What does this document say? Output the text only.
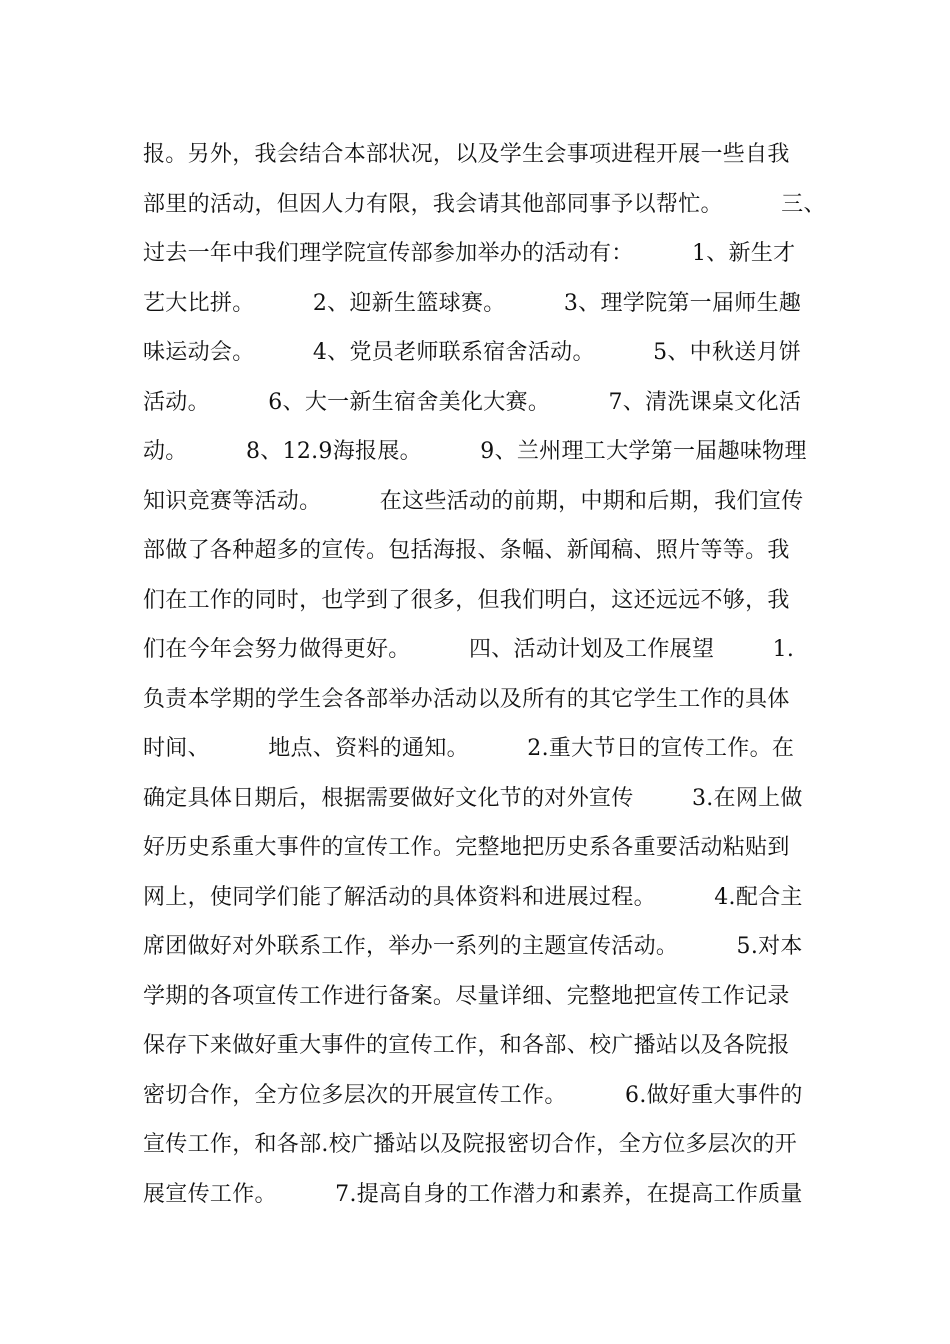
报。另外，我会结合本部状况，以及学生会事项进程开展一些自我
部里的活动，但因人力有限，我会请其他部同事予以帮忙。        三、
过去一年中我们理学院宣传部参加举办的活动有：        1、新生才
艺大比拼。        2、迎新生篮球赛。        3、理学院第一届师生趣
味运动会。        4、党员老师联系宿舍活动。        5、中秋送月饼
活动。        6、大一新生宿舍美化大赛。        7、清洗课桌文化活
动。        8、12.9海报展。        9、兰州理工大学第一届趣味物理
知识竞赛等活动。        在这些活动的前期，中期和后期，我们宣传
部做了各种超多的宣传。包括海报、条幅、新闻稿、照片等等。我
们在工作的同时，也学到了很多，但我们明白，这还远远不够，我
们在今年会努力做得更好。        四、活动计划及工作展望        1.
负责本学期的学生会各部举办活动以及所有的其它学生工作的具体
时间、        地点、资料的通知。        2.重大节日的宣传工作。在
确定具体日期后，根据需要做好文化节的对外宣传        3.在网上做
好历史系重大事件的宣传工作。完整地把历史系各重要活动粘贴到
网上，使同学们能了解活动的具体资料和进展过程。        4.配合主
席团做好对外联系工作，举办一系列的主题宣传活动。        5.对本
学期的各项宣传工作进行备案。尽量详细、完整地把宣传工作记录
保存下来做好重大事件的宣传工作，和各部、校广播站以及各院报
密切合作，全方位多层次的开展宣传工作。        6.做好重大事件的
宣传工作，和各部.校广播站以及院报密切合作，全方位多层次的开
展宣传工作。        7.提高自身的工作潜力和素养，在提高工作质量
